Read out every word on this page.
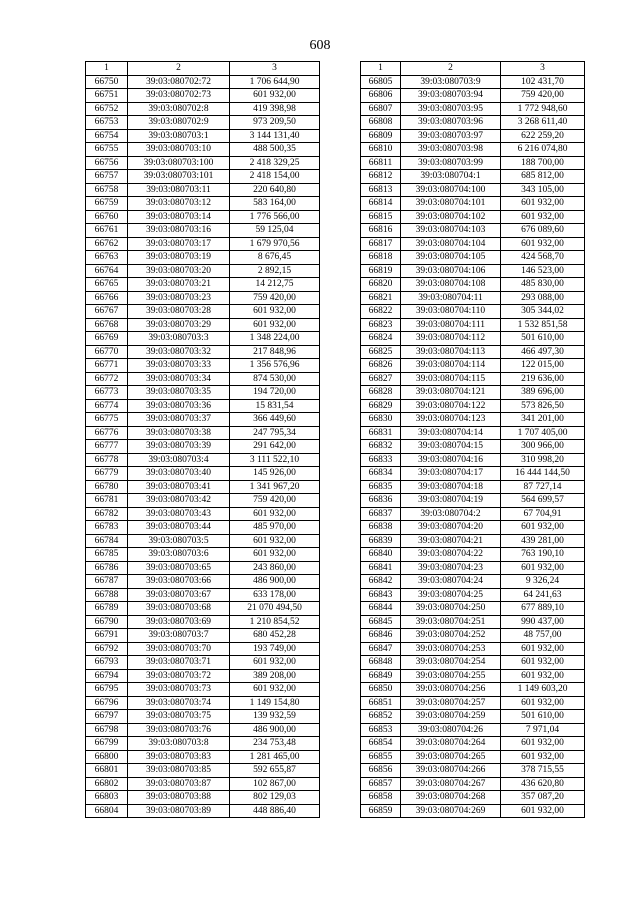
608
1	2	3
66750	39:03:080702:72	1 706 644,90
66751	39:03:080702:73	601 932,00
66752	39:03:080702:8	419 398,98
66753	39:03:080702:9	973 209,50
66754	39:03:080703:1	3 144 131,40
66755	39:03:080703:10	488 500,35
66756	39:03:080703:100	2 418 329,25
66757	39:03:080703:101	2 418 154,00
66758	39:03:080703:11	220 640,80
66759	39:03:080703:12	583 164,00
66760	39:03:080703:14	1 776 566,00
66761	39:03:080703:16	59 125,04
66762	39:03:080703:17	1 679 970,56
66763	39:03:080703:19	8 676,45
66764	39:03:080703:20	2 892,15
66765	39:03:080703:21	14 212,75
66766	39:03:080703:23	759 420,00
66767	39:03:080703:28	601 932,00
66768	39:03:080703:29	601 932,00
66769	39:03:080703:3	1 348 224,00
66770	39:03:080703:32	217 848,96
66771	39:03:080703:33	1 356 576,96
66772	39:03:080703:34	874 530,00
66773	39:03:080703:35	194 720,00
66774	39:03:080703:36	15 831,54
66775	39:03:080703:37	366 449,60
66776	39:03:080703:38	247 795,34
66777	39:03:080703:39	291 642,00
66778	39:03:080703:4	3 111 522,10
66779	39:03:080703:40	145 926,00
66780	39:03:080703:41	1 341 967,20
66781	39:03:080703:42	759 420,00
66782	39:03:080703:43	601 932,00
66783	39:03:080703:44	485 970,00
66784	39:03:080703:5	601 932,00
66785	39:03:080703:6	601 932,00
66786	39:03:080703:65	243 860,00
66787	39:03:080703:66	486 900,00
66788	39:03:080703:67	633 178,00
66789	39:03:080703:68	21 070 494,50
66790	39:03:080703:69	1 210 854,52
66791	39:03:080703:7	680 452,28
66792	39:03:080703:70	193 749,00
66793	39:03:080703:71	601 932,00
66794	39:03:080703:72	389 208,00
66795	39:03:080703:73	601 932,00
66796	39:03:080703:74	1 149 154,80
66797	39:03:080703:75	139 932,59
66798	39:03:080703:76	486 900,00
66799	39:03:080703:8	234 753,48
66800	39:03:080703:83	1 281 465,00
66801	39:03:080703:85	592 655,87
66802	39:03:080703:87	102 867,00
66803	39:03:080703:88	802 129,03
66804	39:03:080703:89	448 886,40
1	2	3
66805	39:03:080703:9	102 431,70
66806	39:03:080703:94	759 420,00
66807	39:03:080703:95	1 772 948,60
66808	39:03:080703:96	3 268 611,40
66809	39:03:080703:97	622 259,20
66810	39:03:080703:98	6 216 074,80
66811	39:03:080703:99	188 700,00
66812	39:03:080704:1	685 812,00
66813	39:03:080704:100	343 105,00
66814	39:03:080704:101	601 932,00
66815	39:03:080704:102	601 932,00
66816	39:03:080704:103	676 089,60
66817	39:03:080704:104	601 932,00
66818	39:03:080704:105	424 568,70
66819	39:03:080704:106	146 523,00
66820	39:03:080704:108	485 830,00
66821	39:03:080704:11	293 088,00
66822	39:03:080704:110	305 344,02
66823	39:03:080704:111	1 532 851,58
66824	39:03:080704:112	501 610,00
66825	39:03:080704:113	466 497,30
66826	39:03:080704:114	122 015,00
66827	39:03:080704:115	219 636,00
66828	39:03:080704:121	389 696,00
66829	39:03:080704:122	573 826,50
66830	39:03:080704:123	341 201,00
66831	39:03:080704:14	1 707 405,00
66832	39:03:080704:15	300 966,00
66833	39:03:080704:16	310 998,20
66834	39:03:080704:17	16 444 144,50
66835	39:03:080704:18	87 727,14
66836	39:03:080704:19	564 699,57
66837	39:03:080704:2	67 704,91
66838	39:03:080704:20	601 932,00
66839	39:03:080704:21	439 281,00
66840	39:03:080704:22	763 190,10
66841	39:03:080704:23	601 932,00
66842	39:03:080704:24	9 326,24
66843	39:03:080704:25	64 241,63
66844	39:03:080704:250	677 889,10
66845	39:03:080704:251	990 437,00
66846	39:03:080704:252	48 757,00
66847	39:03:080704:253	601 932,00
66848	39:03:080704:254	601 932,00
66849	39:03:080704:255	601 932,00
66850	39:03:080704:256	1 149 603,20
66851	39:03:080704:257	601 932,00
66852	39:03:080704:259	501 610,00
66853	39:03:080704:26	7 971,04
66854	39:03:080704:264	601 932,00
66855	39:03:080704:265	601 932,00
66856	39:03:080704:266	378 715,55
66857	39:03:080704:267	436 620,80
66858	39:03:080704:268	357 087,20
66859	39:03:080704:269	601 932,00
